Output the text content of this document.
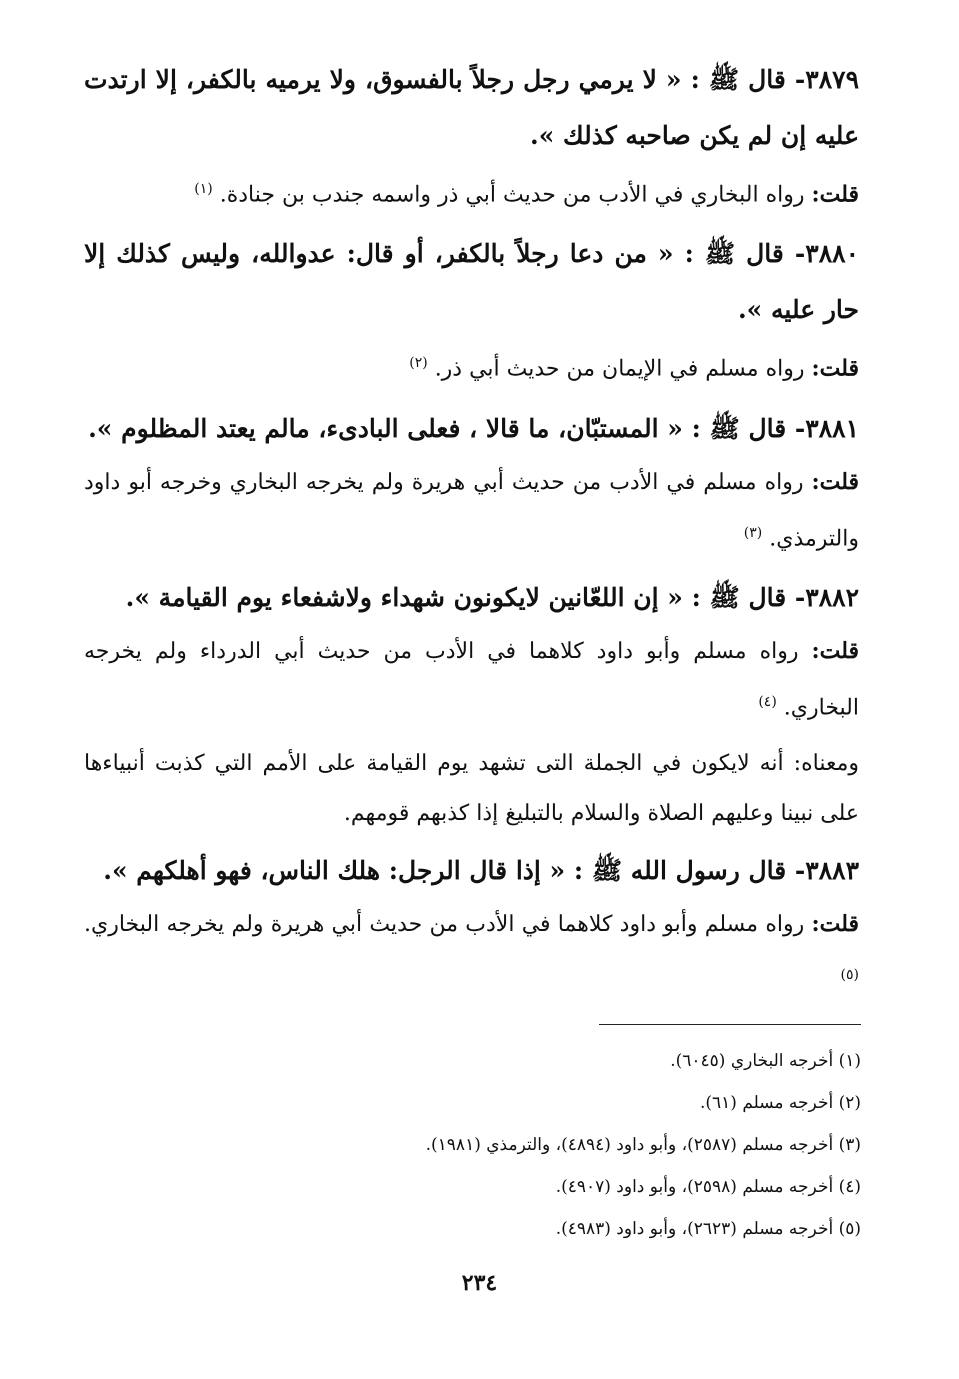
٣٨٧٩- قال ﷺ : « لا يرمي رجل رجلاً بالفسوق، ولا يرميه بالكفر، إلا ارتدت عليه إن لم يكن صاحبه كذلك ».

قلت: رواه البخاري في الأدب من حديث أبي ذر واسمه جندب بن جنادة. $^{(١)}$

٣٨٨٠- قال ﷺ : « من دعا رجلاً بالكفر، أو قال: عدوالله، وليس كذلك إلا حار عليه ».

قلت: رواه مسلم في الإيمان من حديث أبي ذر. $^{(٢)}$

٣٨٨١- قال ﷺ : « المستبّان، ما قالا ، فعلى البادىء، مالم يعتد المظلوم ».

قلت: رواه مسلم في الأدب من حديث أبي هريرة ولم يخرجه البخاري وخرجه أبو داود والترمذي. $^{(٣)}$

٣٨٨٢- قال ﷺ : « إن اللعّانين لايكونون شهداء ولاشفعاء يوم القيامة ».

قلت: رواه مسلم وأبو داود كلاهما في الأدب من حديث أبي الدرداء ولم يخرجه البخاري. $^{(٤)}$

ومعناه: أنه لايكون في الجملة التى تشهد يوم القيامة على الأمم التي كذبت أنبياءها على نبينا وعليهم الصلاة والسلام بالتبليغ إذا كذبهم قومهم.

٣٨٨٣- قال رسول الله ﷺ : « إذا قال الرجل: هلك الناس، فهو أهلكهم ».

قلت: رواه مسلم وأبو داود كلاهما في الأدب من حديث أبي هريرة ولم يخرجه البخاري. $^{(٥)}$

(١) أخرجه البخاري (٦٠٤٥).

(٢) أخرجه مسلم (٦١).

(٣) أخرجه مسلم (٢٥٨٧)، وأبو داود (٤٨٩٤)، والترمذي (١٩٨١).

(٤) أخرجه مسلم (٢٥٩٨)، وأبو داود (٤٩٠٧).

(٥) أخرجه مسلم (٢٦٢٣)، وأبو داود (٤٩٨٣).

٢٣٤
